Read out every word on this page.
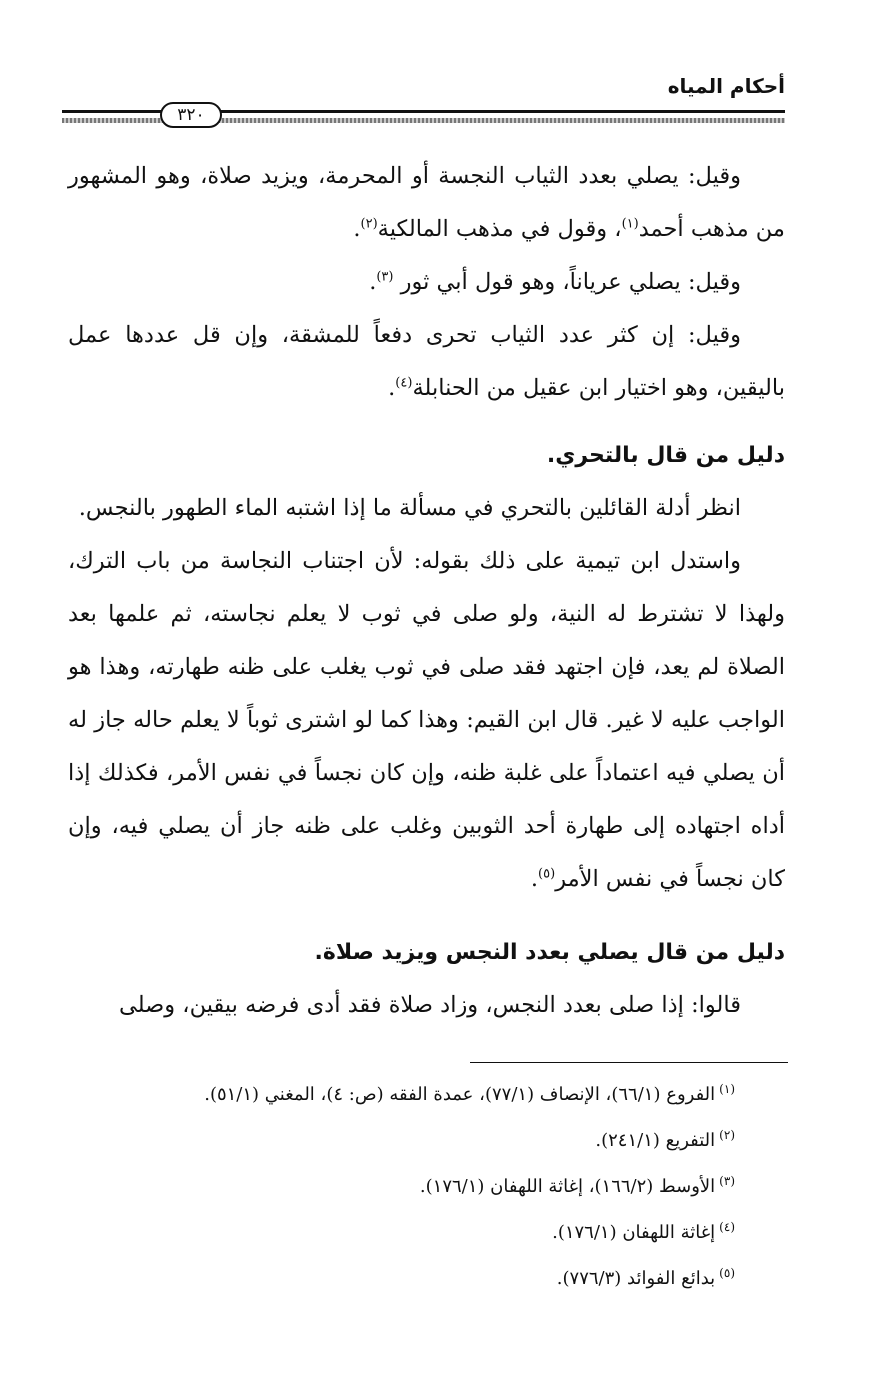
أحكام المياه
٣٢٠

وقيل: يصلي بعدد الثياب النجسة أو المحرمة، ويزيد صلاة، وهو المشهور من مذهب أحمد$^{(١)}$، وقول في مذهب المالكية$^{(٢)}$.

وقيل: يصلي عرياناً، وهو قول أبي ثور $^{(٣)}$.

وقيل: إن كثر عدد الثياب تحرى دفعاً للمشقة، وإن قل عددها عمل باليقين، وهو اختيار ابن عقيل من الحنابلة$^{(٤)}$.

دليل من قال بالتحري.

انظر أدلة القائلين بالتحري في مسألة ما إذا اشتبه الماء الطهور بالنجس.

واستدل ابن تيمية على ذلك بقوله: لأن اجتناب النجاسة من باب الترك، ولهذا لا تشترط له النية، ولو صلى في ثوب لا يعلم نجاسته، ثم علمها بعد الصلاة لم يعد، فإن اجتهد فقد صلى في ثوب يغلب على ظنه طهارته، وهذا هو الواجب عليه لا غير. قال ابن القيم: وهذا كما لو اشترى ثوباً لا يعلم حاله جاز له أن يصلي فيه اعتماداً على غلبة ظنه، وإن كان نجساً في نفس الأمر، فكذلك إذا أداه اجتهاده إلى طهارة أحد الثوبين وغلب على ظنه جاز أن يصلي فيه، وإن كان نجساً في نفس الأمر$^{(٥)}$.

دليل من قال يصلي بعدد النجس ويزيد صلاة.

قالوا: إذا صلى بعدد النجس، وزاد صلاة فقد أدى فرضه بيقين، وصلى

$^{(١)}$الفروع (٦٦/١)، الإنصاف (٧٧/١)، عمدة الفقه (ص: ٤)، المغني (٥١/١).

$^{(٢)}$التفريع (٢٤١/١).

$^{(٣)}$الأوسط (١٦٦/٢)، إغاثة اللهفان (١٧٦/١).

$^{(٤)}$إغاثة اللهفان (١٧٦/١).

$^{(٥)}$بدائع الفوائد (٧٧٦/٣).
